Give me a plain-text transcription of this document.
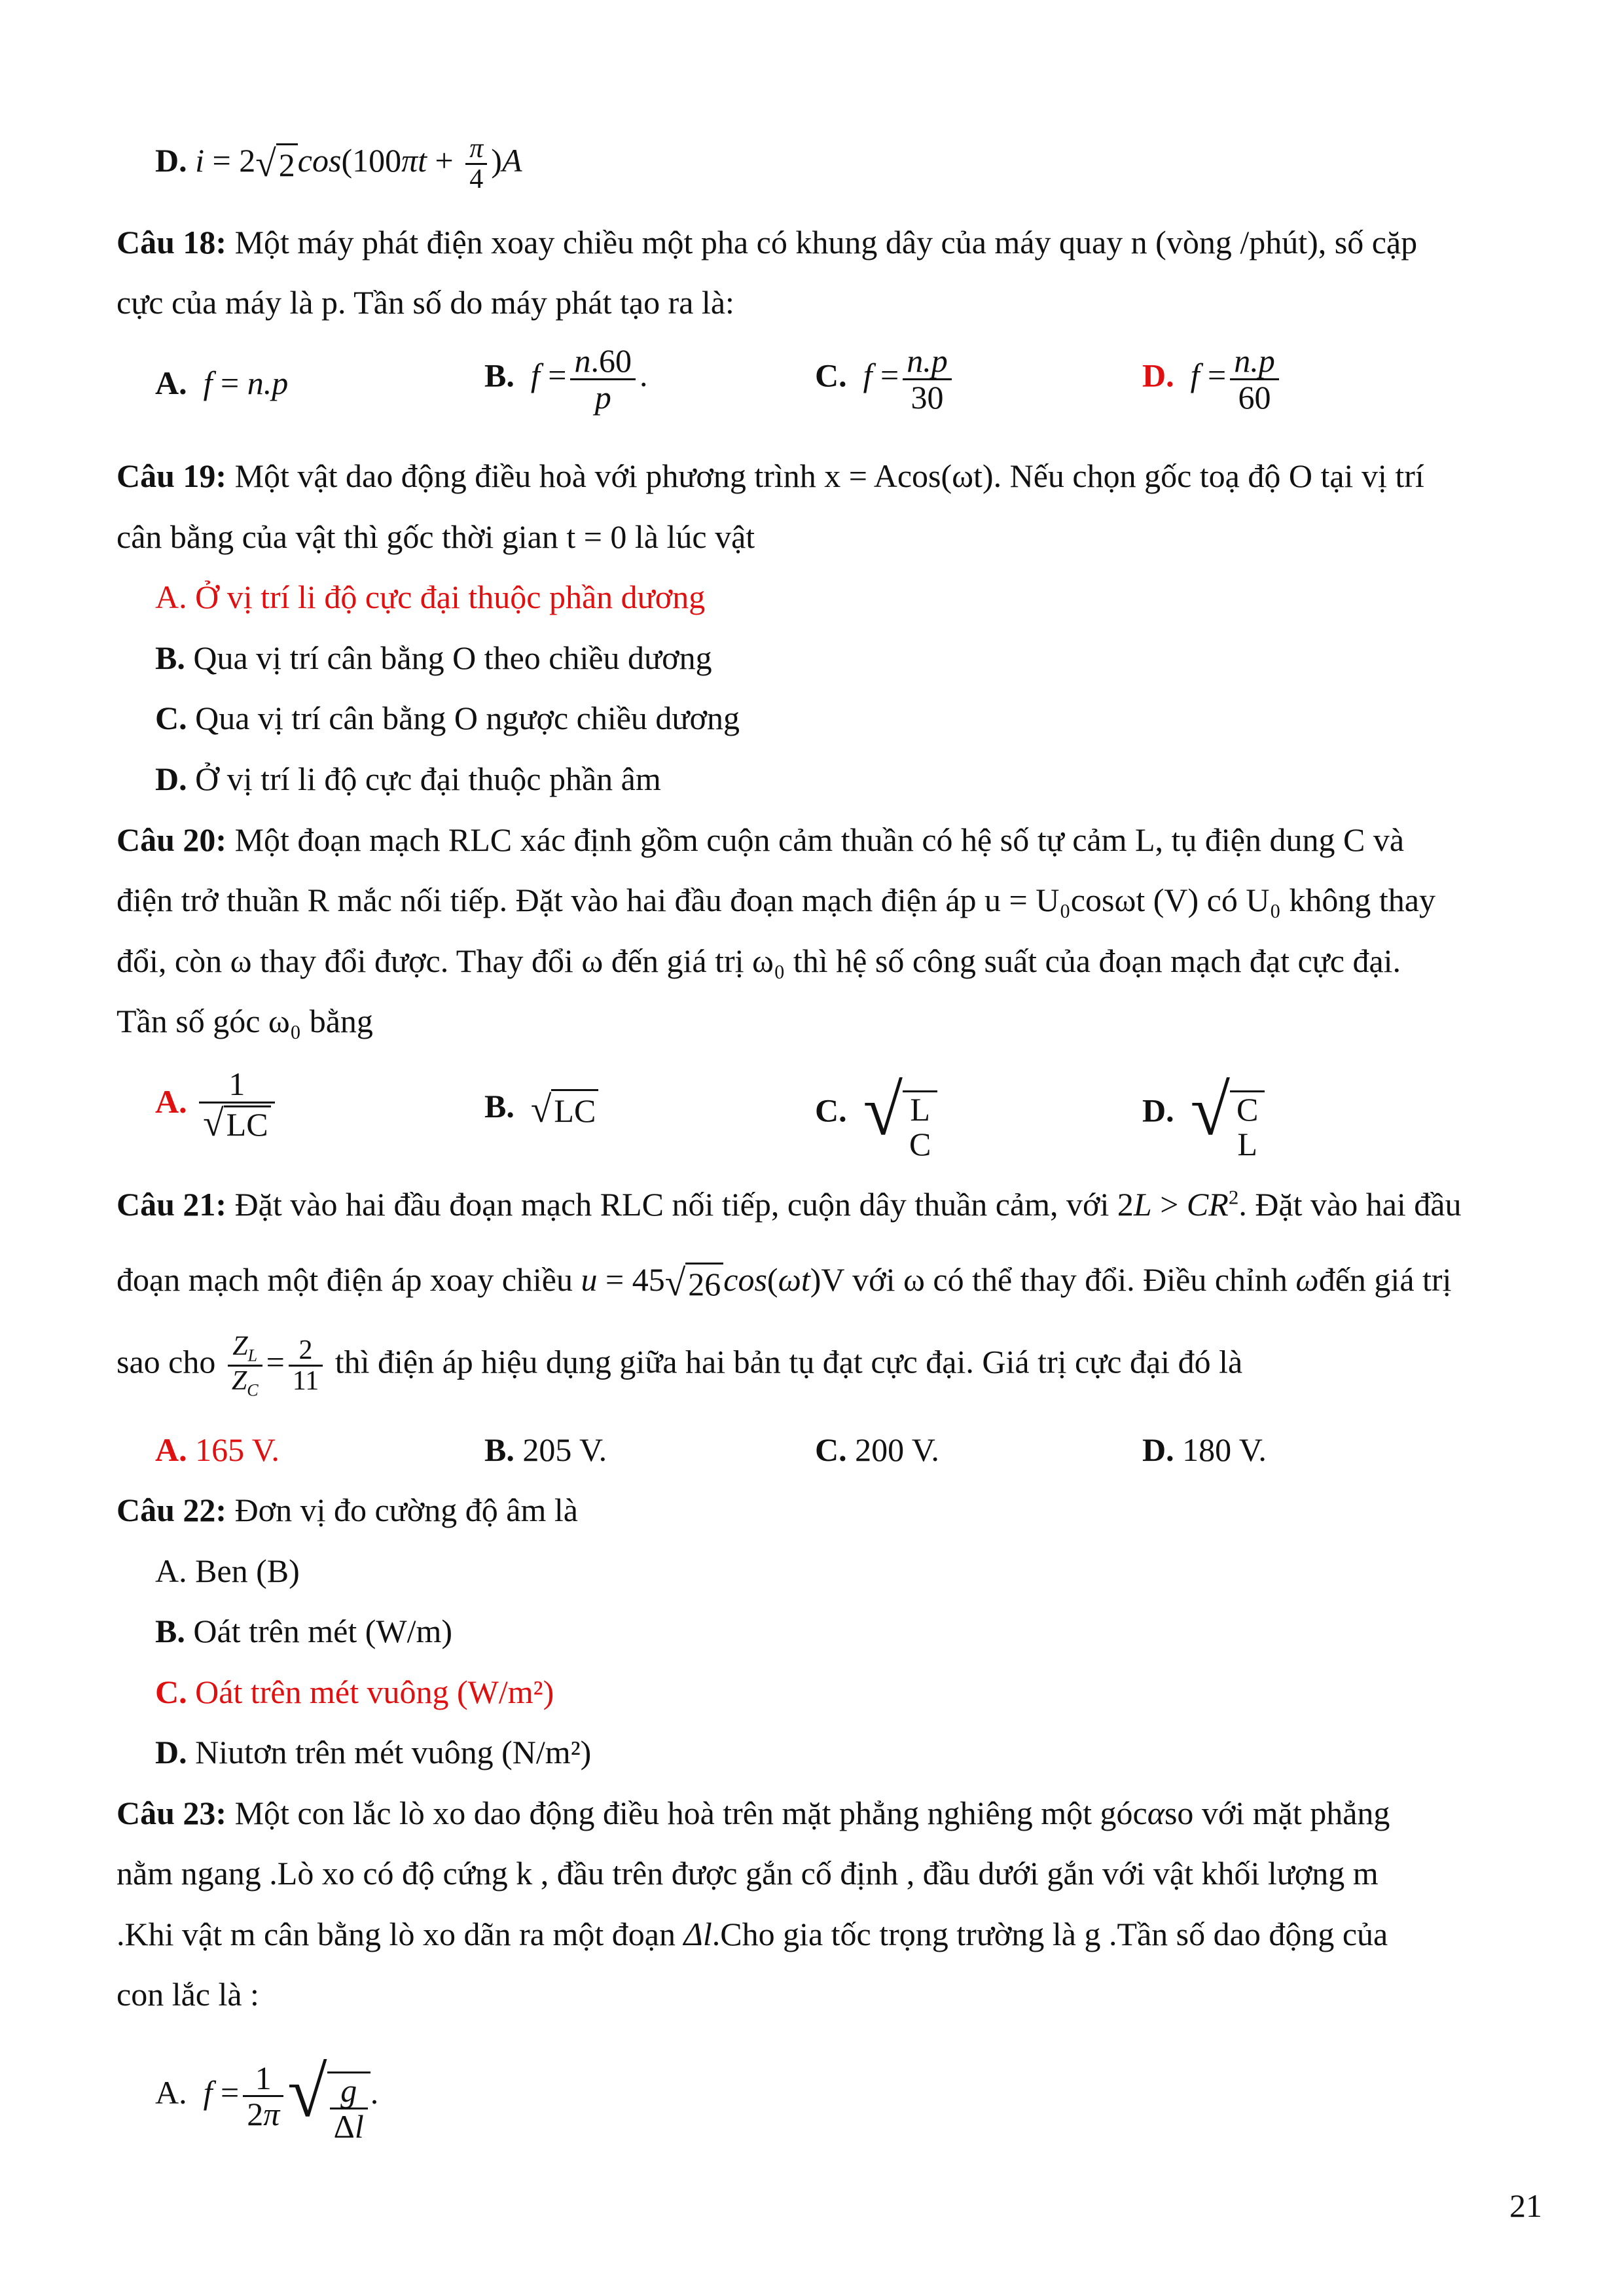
D. $i = 2√2\cos(100\pi t + \frac{\pi}{4} )A$
Câu 18: Một máy phát điện xoay chiều một pha có khung dây của máy quay n (vòng /phút), số cặp
cực của máy là p. Tần số do máy phát tạo ra là:
A. f = n.p	B. $f = \frac{n.60}{p}$ .	C. $f = \frac{n.p}{30}$	D. $f = \frac{n.p}{60}$
Câu 19: Một vật dao động điều hoà với phương trình x = Acos(ωt). Nếu chọn gốc toạ độ O tại vị trí
cân bằng của vật thì gốc thời gian t = 0 là lúc vật
A. Ở vị trí li độ cực đại thuộc phần dương
B. Qua vị trí cân bằng O theo chiều dương
C. Qua vị trí cân bằng O ngược chiều dương
D. Ở vị trí li độ cực đại thuộc phần âm
Câu 20: Một đoạn mạch RLC xác định gồm cuộn cảm thuần có hệ số tự cảm L, tụ điện dung C và
điện trở thuần R mắc nối tiếp. Đặt vào hai đầu đoạn mạch điện áp u = U₀cosωt (V) có U₀ không thay
đổi, còn ω thay đổi được. Thay đổi ω đến giá trị ω₀ thì hệ số công suất của đoạn mạch đạt cực đại.
Tần số góc ω₀ bằng
A. $\frac{1}{√LC}$	B. √LC	C. √ L
C
D. √ C
L
Câu 21: Đặt vào hai đầu đoạn mạch RLC nối tiếp, cuộn dây thuần cảm, với $2L > CR^2$. Đặt vào hai đầu
đoạn mạch một điện áp xoay chiều u = 45√26cos(ωt)V với ω có thể thay đổi. Điều chỉnh ωđến giá trị
sao cho $\frac{Z_L}{Z_C} = \frac{2}{11}$ thì điện áp hiệu dụng giữa hai bản tụ đạt cực đại. Giá trị cực đại đó là
A. 165 V.	B. 205 V.	C. 200 V.	D. 180 V.
Câu 22: Đơn vị đo cường độ âm là
A. Ben (B)
B. Oát trên mét (W/m)
C. Oát trên mét vuông (W/m²)
D. Niutơn trên mét vuông (N/m²)
Câu 23: Một con lắc lò xo dao động điều hoà trên mặt phẳng nghiêng một gócαso với mặt phẳng
nằm ngang .Lò xo có độ cứng k , đầu trên được gắn cố định , đầu dưới gắn với vật khối lượng m
.Khi vật m cân bằng lò xo dãn ra một đoạn Δl.Cho gia tốc trọng trường là g .Tần số dao động của
con lắc là :
A. $f = \frac{1}{2\pi}$ √ $\frac{g}{\Delta l}$ .
21
